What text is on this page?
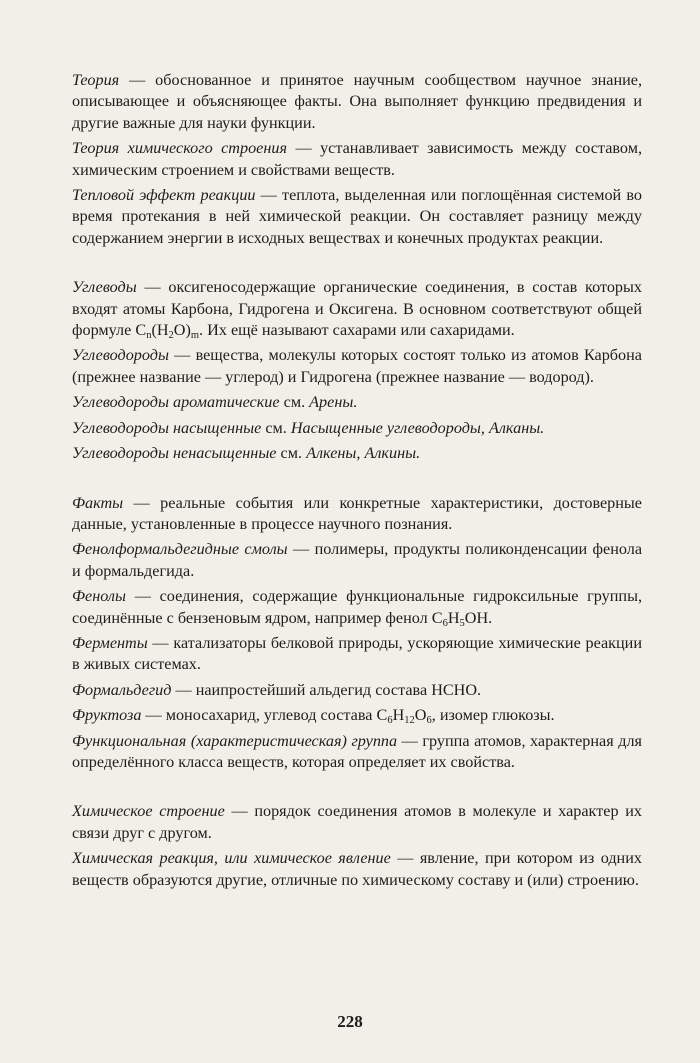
Теория — обоснованное и принятое научным сообществом научное знание, описывающее и объясняющее факты. Она выполняет функцию предвидения и другие важные для науки функции.

Теория химического строения — устанавливает зависимость между составом, химическим строением и свойствами веществ.

Тепловой эффект реакции — теплота, выделенная или поглощённая системой во время протекания в ней химической реакции. Он составляет разницу между содержанием энергии в исходных веществах и конечных продуктах реакции.

Углеводы — оксигеносодержащие органические соединения, в состав которых входят атомы Карбона, Гидрогена и Оксигена. В основном соответствуют общей формуле $C_n(H_2O)_m$. Их ещё называют сахарами или сахаридами.

Углеводороды — вещества, молекулы которых состоят только из атомов Карбона (прежнее название — углерод) и Гидрогена (прежнее название — водород).

Углеводороды ароматические см. Арены.

Углеводороды насыщенные см. Насыщенные углеводороды, Алканы.

Углеводороды ненасыщенные см. Алкены, Алкины.

Факты — реальные события или конкретные характеристики, достоверные данные, установленные в процессе научного познания.

Фенолформальдегидные смолы — полимеры, продукты поликонденсации фенола и формальдегида.

Фенолы — соединения, содержащие функциональные гидроксильные группы, соединённые с бензеновым ядром, например фенол $C_6H_5OH$.

Ферменты — катализаторы белковой природы, ускоряющие химические реакции в живых системах.

Формальдегид — наипростейший альдегид состава HCHO.

Фруктоза — моносахарид, углевод состава $C_6H_{12}O_6$, изомер глюкозы.

Функциональная (характеристическая) группа — группа атомов, характерная для определённого класса веществ, которая определяет их свойства.

Химическое строение — порядок соединения атомов в молекуле и характер их связи друг с другом.

Химическая реакция, или химическое явление — явление, при котором из одних веществ образуются другие, отличные по химическому составу и (или) строению.

228
